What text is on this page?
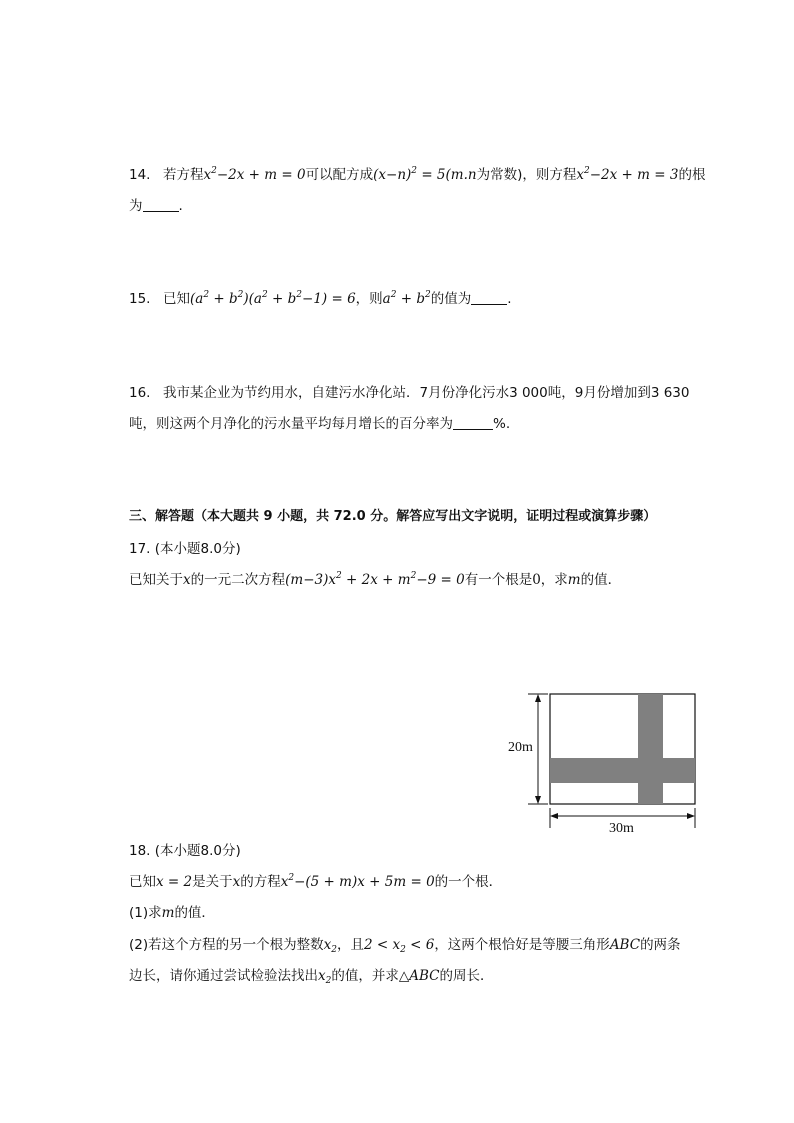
14. 若方程$x^2-2x + m = 0$可以配方成$(x-n)^2 = 5(m.n$为常数)，则方程$x^2-2x + m = 3$的根
为	.
15. 已知$(a^2 + b^2)(a^2 + b^2-1) = 6$，则$a^2 + b^2$的值为	.
16. 我市某企业为节约用水，自建污水净化站．7月份净化污水3 000吨，9月份增加到3 630
吨，则这两个月净化的污水量平均每月增长的百分率为	%.
三、解答题（本大题共 9 小题，共 72.0 分。解答应写出文字说明，证明过程或演算步骤）
17. (本小题8.0分)
已知关于x的一元二次方程$(m-3)x^2 + 2x + m^2-9 = 0$有一个根是0，求m的值．
20m
30m
18. (本小题8.0分)
已知x = 2是关于x的方程$x^2-(5 + m)x + 5m = 0$的一个根．
(1)求m的值．
(2)若这个方程的另一个根为整数$x_2$，且$2 < x_2 < 6$，这两个根恰好是等腰三角形ABC的两条
边长，请你通过尝试检验法找出$x_2$的值，并求△ABC的周长．
